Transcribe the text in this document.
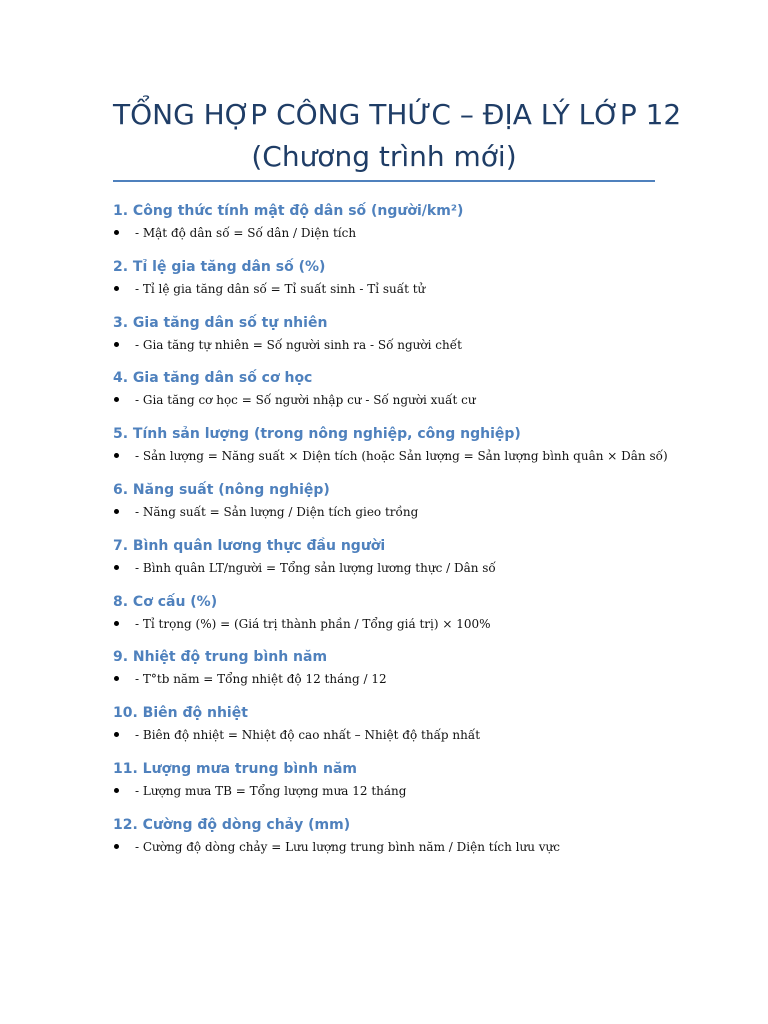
TỔNG HỢP CÔNG THỨC – ĐỊA LÝ LỚP 12
(Chương trình mới)
1. Công thức tính mật độ dân số (người/km²)
- Mật độ dân số = Số dân / Diện tích
2. Tỉ lệ gia tăng dân số (%)
- Tỉ lệ gia tăng dân số = Tỉ suất sinh - Tỉ suất tử
3. Gia tăng dân số tự nhiên
- Gia tăng tự nhiên = Số người sinh ra - Số người chết
4. Gia tăng dân số cơ học
- Gia tăng cơ học = Số người nhập cư - Số người xuất cư
5. Tính sản lượng (trong nông nghiệp, công nghiệp)
- Sản lượng = Năng suất × Diện tích (hoặc Sản lượng = Sản lượng bình quân × Dân số)
6. Năng suất (nông nghiệp)
- Năng suất = Sản lượng / Diện tích gieo trồng
7. Bình quân lương thực đầu người
- Bình quân LT/người = Tổng sản lượng lương thực / Dân số
8. Cơ cấu (%)
- Tỉ trọng (%) = (Giá trị thành phần / Tổng giá trị) × 100%
9. Nhiệt độ trung bình năm
- T°tb năm = Tổng nhiệt độ 12 tháng / 12
10. Biên độ nhiệt
- Biên độ nhiệt = Nhiệt độ cao nhất – Nhiệt độ thấp nhất
11. Lượng mưa trung bình năm
- Lượng mưa TB = Tổng lượng mưa 12 tháng
12. Cường độ dòng chảy (mm)
- Cường độ dòng chảy = Lưu lượng trung bình năm / Diện tích lưu vực
